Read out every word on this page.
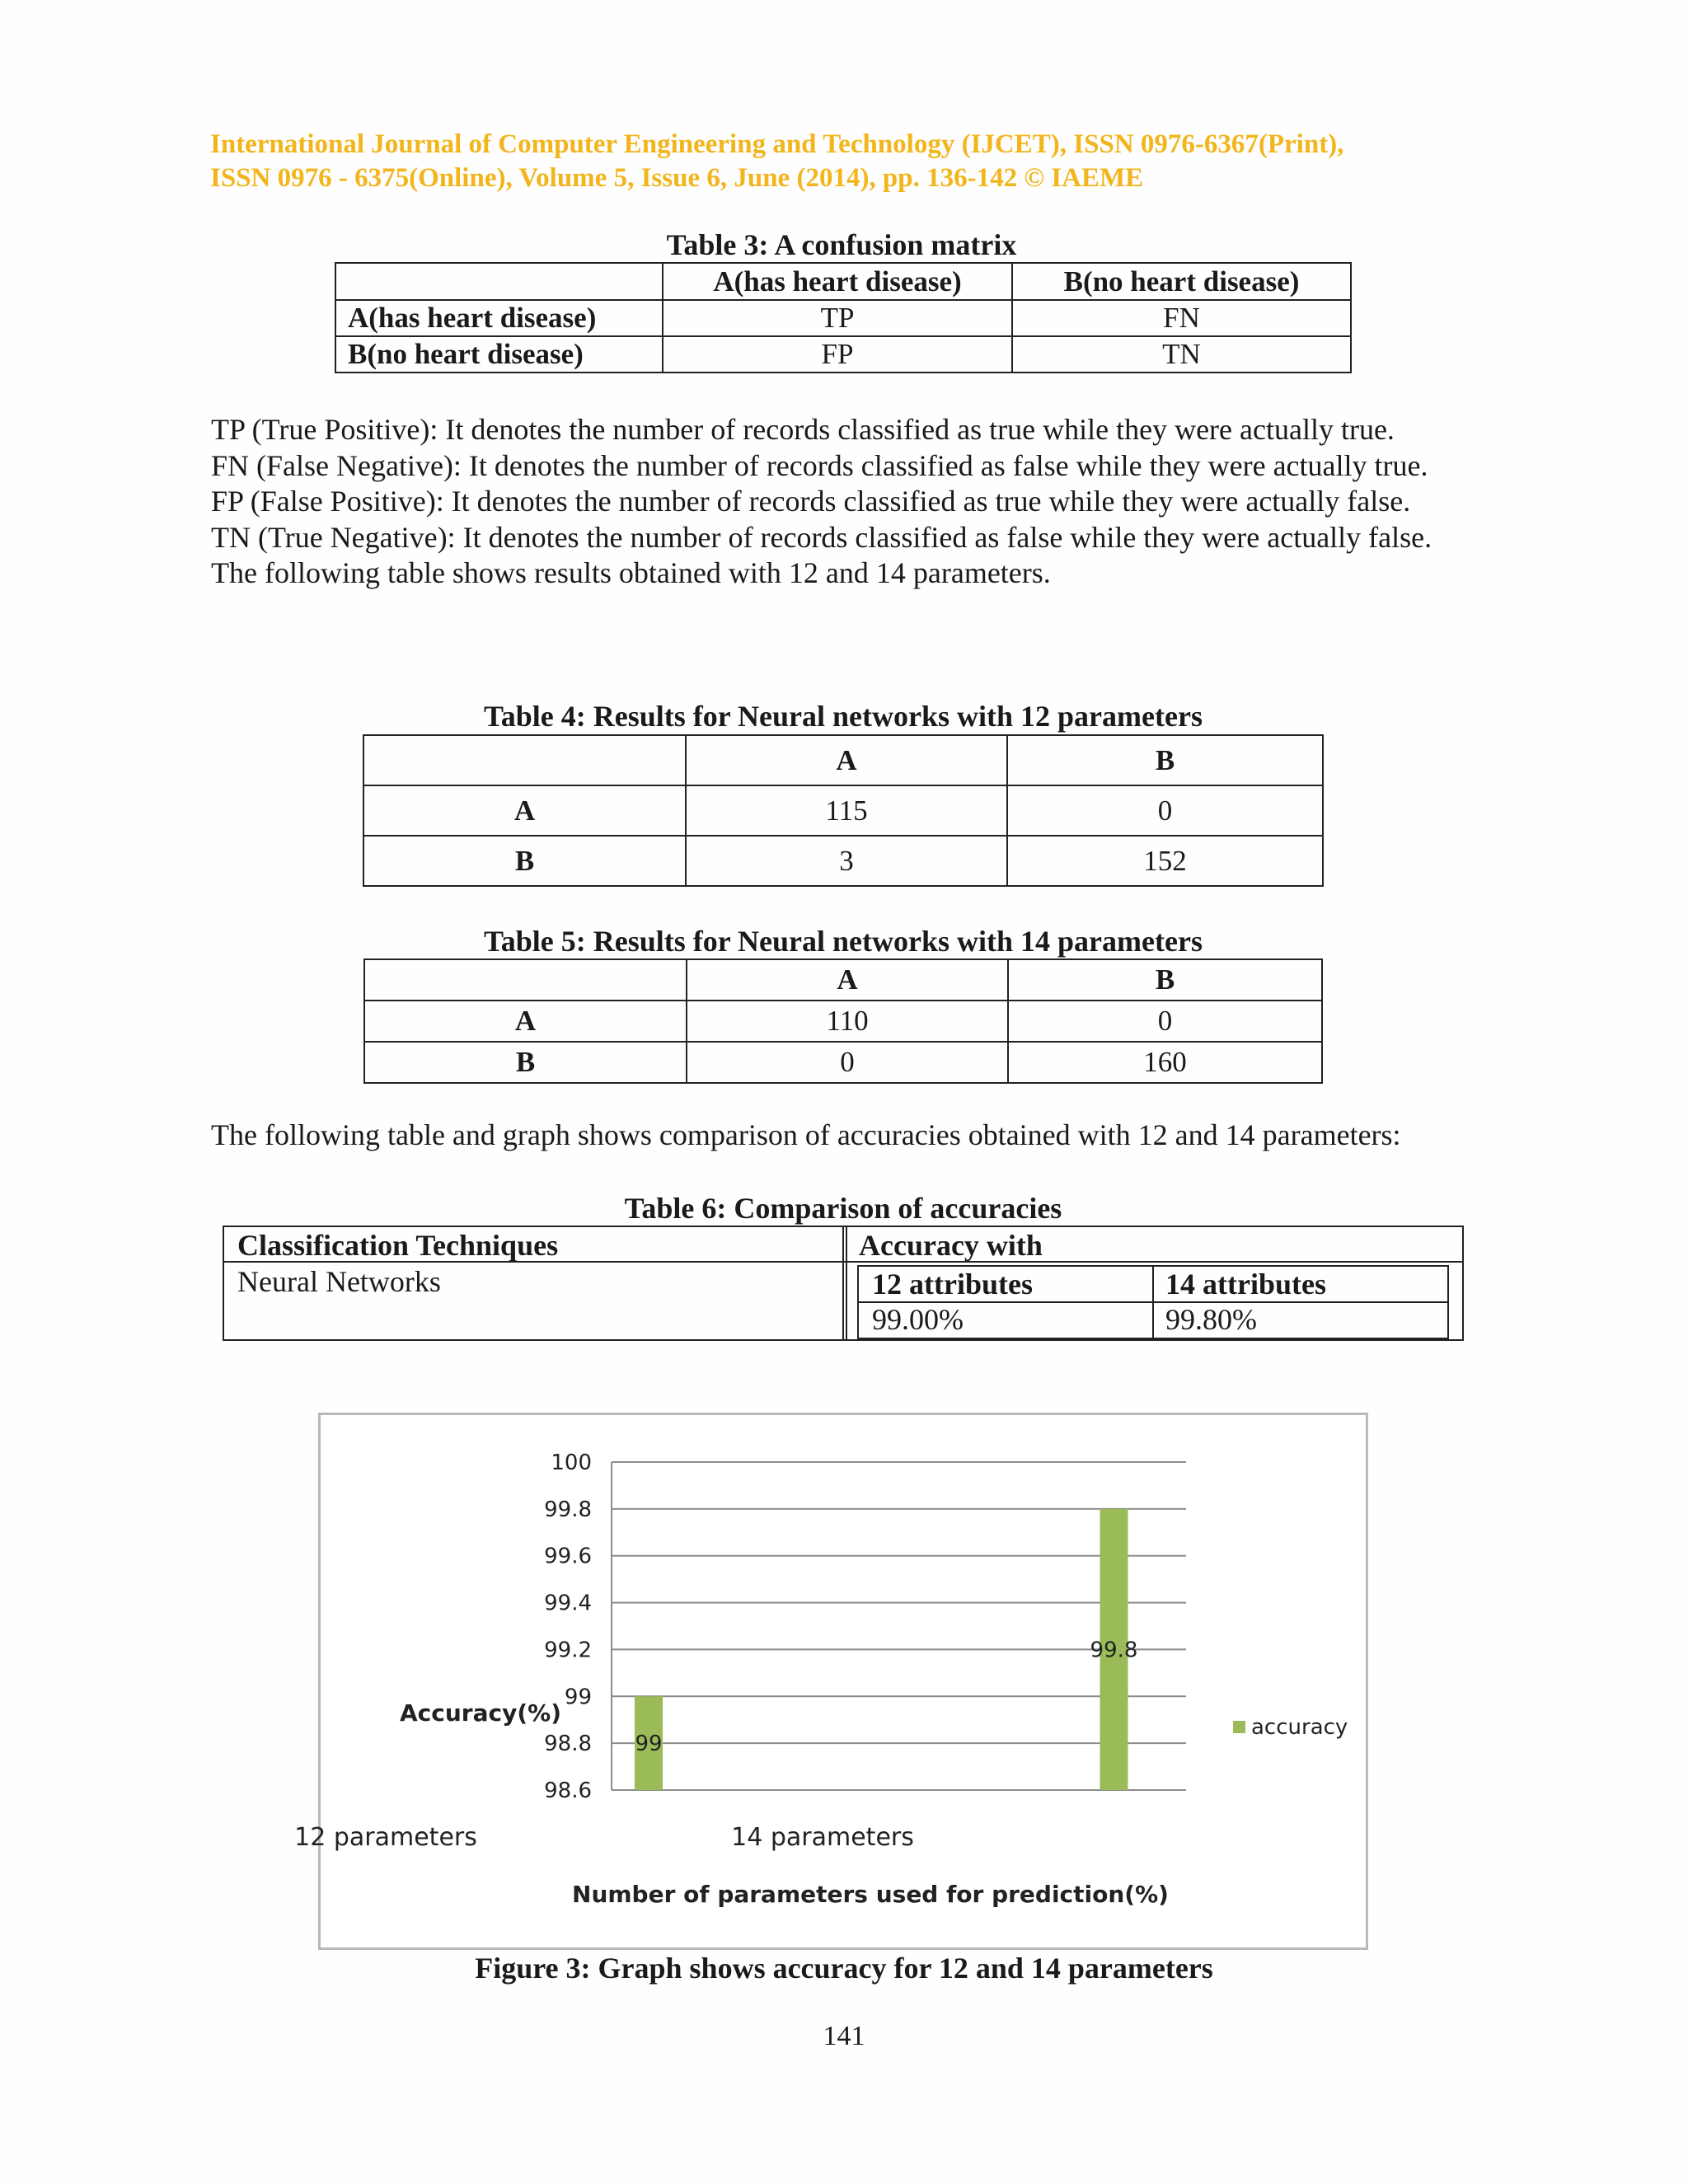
International Journal of Computer Engineering and Technology (IJCET), ISSN 0976-6367(Print),
ISSN 0976 - 6375(Online), Volume 5, Issue 6, June (2014), pp. 136-142 © IAEME
Table 3: A confusion matrix
	A(has heart disease)	B(no heart disease)
A(has heart disease)	TP	FN
B(no heart disease)	FP	TN

TP (True Positive): It denotes the number of records classified as true while they were actually true.

FN (False Negative): It denotes the number of records classified as false while they were actually true.

FP (False Positive): It denotes the number of records classified as true while they were actually false.

TN (True Negative): It denotes the number of records classified as false while they were actually false.

The following table shows results obtained with 12 and 14 parameters.

Table 4: Results for Neural networks with 12 parameters
	A	B
A	115	0
B	3	152
Table 5: Results for Neural networks with 14 parameters
	A	B
A	110	0
B	0	160
The following table and graph shows comparison of accuracies obtained with 12 and 14 parameters:
Table 6: Comparison of accuracies
Classification Techniques	Accuracy with
Neural Networks	12 attributes	14 attributes
99.00%	99.80%
100
99.8
99.6
99.4
99.2
99
98.8
98.6
99
99.8
12 parameters	14 parameters
Accuracy(%)
Number of parameters used for prediction(%)
accuracy
Figure 3: Graph shows accuracy for 12 and 14 parameters
141
